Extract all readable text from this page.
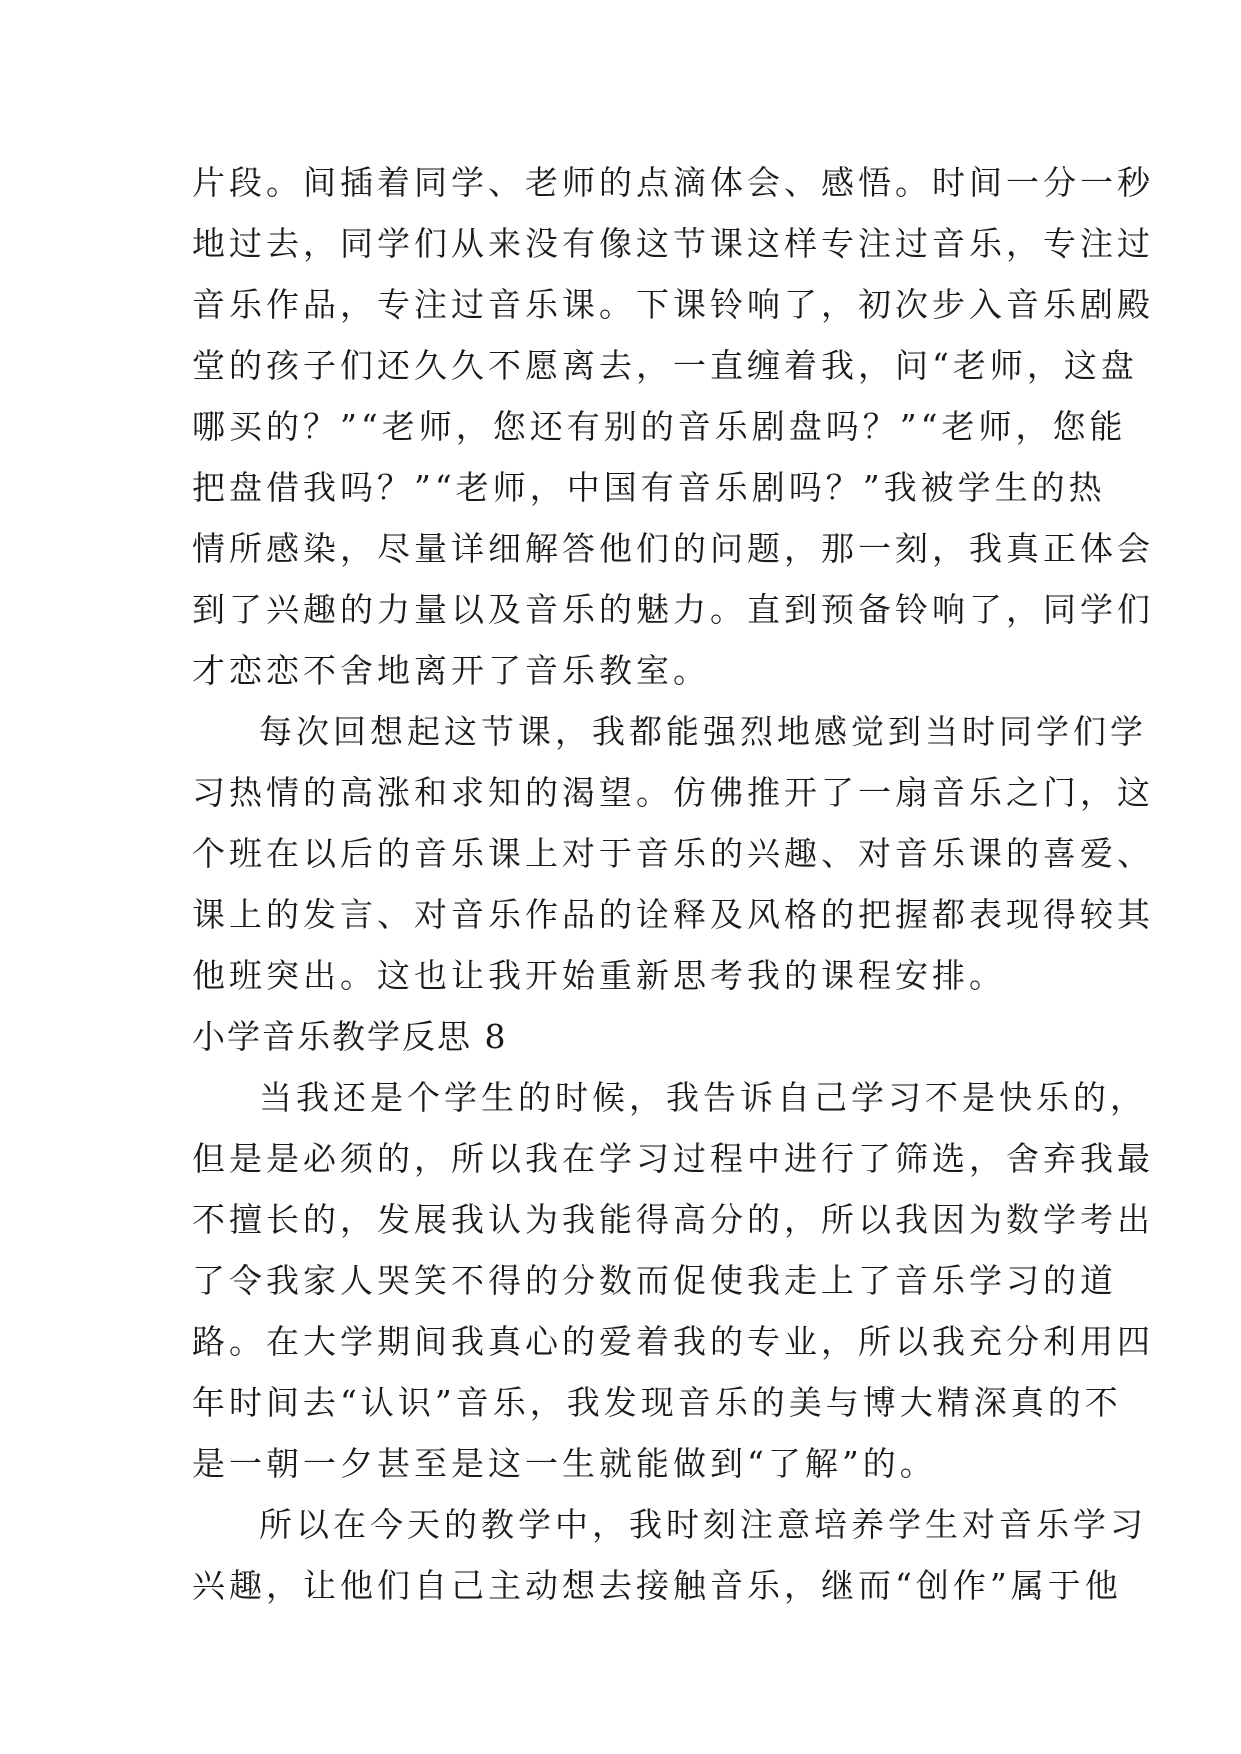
片段。间插着同学、老师的点滴体会、感悟。时间一分一秒
地过去，同学们从来没有像这节课这样专注过音乐，专注过
音乐作品，专注过音乐课。下课铃响了，初次步入音乐剧殿
堂的孩子们还久久不愿离去，一直缠着我，问“老师，这盘
哪买的？”“老师，您还有别的音乐剧盘吗？”“老师，您能
把盘借我吗？”“老师，中国有音乐剧吗？”我被学生的热
情所感染，尽量详细解答他们的问题，那一刻，我真正体会
到了兴趣的力量以及音乐的魅力。直到预备铃响了，同学们
才恋恋不舍地离开了音乐教室。
每次回想起这节课，我都能强烈地感觉到当时同学们学
习热情的高涨和求知的渴望。仿佛推开了一扇音乐之门，这
个班在以后的音乐课上对于音乐的兴趣、对音乐课的喜爱、
课上的发言、对音乐作品的诠释及风格的把握都表现得较其
他班突出。这也让我开始重新思考我的课程安排。
小学音乐教学反思 8
当我还是个学生的时候，我告诉自己学习不是快乐的，
但是是必须的，所以我在学习过程中进行了筛选，舍弃我最
不擅长的，发展我认为我能得高分的，所以我因为数学考出
了令我家人哭笑不得的分数而促使我走上了音乐学习的道
路。在大学期间我真心的爱着我的专业，所以我充分利用四
年时间去“认识”音乐，我发现音乐的美与博大精深真的不
是一朝一夕甚至是这一生就能做到“了解”的。
所以在今天的教学中，我时刻注意培养学生对音乐学习
兴趣，让他们自己主动想去接触音乐，继而“创作”属于他
